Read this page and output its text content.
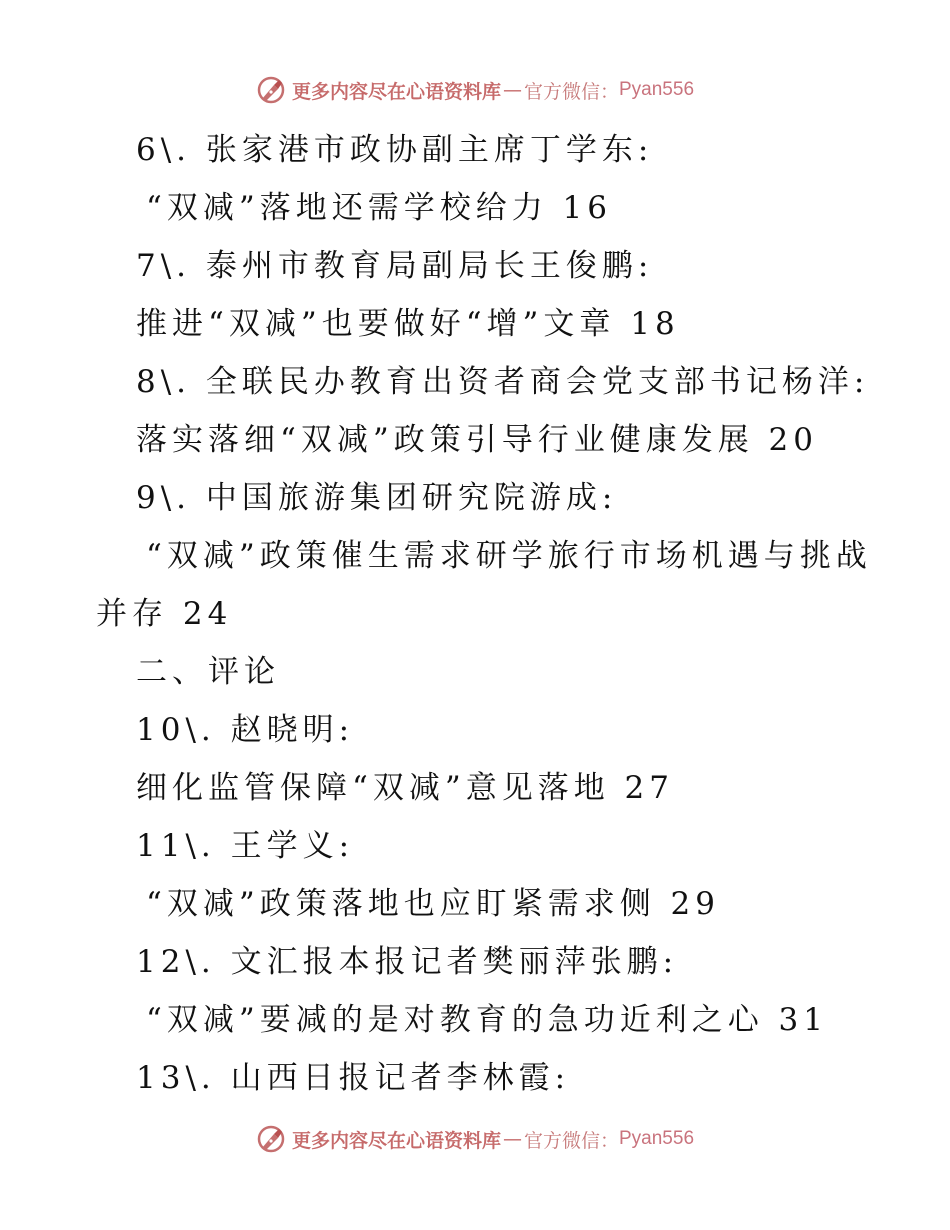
更多内容尽在心语资料库 — 官方微信： Pyan556
6\. 张家港市政协副主席丁学东:
“双减”落地还需学校给力 16
7\. 泰州市教育局副局长王俊鹏:
推进“双减”也要做好“增”文章 18
8\. 全联民办教育出资者商会党支部书记杨洋:
落实落细“双减”政策引导行业健康发展 20
9\. 中国旅游集团研究院游成:
“双减”政策催生需求研学旅行市场机遇与挑战
并存 24
二、评论
10\. 赵晓明:
细化监管保障“双减”意见落地 27
11\. 王学义:
“双减”政策落地也应盯紧需求侧 29
12\. 文汇报本报记者樊丽萍张鹏:
“双减”要减的是对教育的急功近利之心 31
13\. 山西日报记者李林霞:
更多内容尽在心语资料库 — 官方微信： Pyan556
